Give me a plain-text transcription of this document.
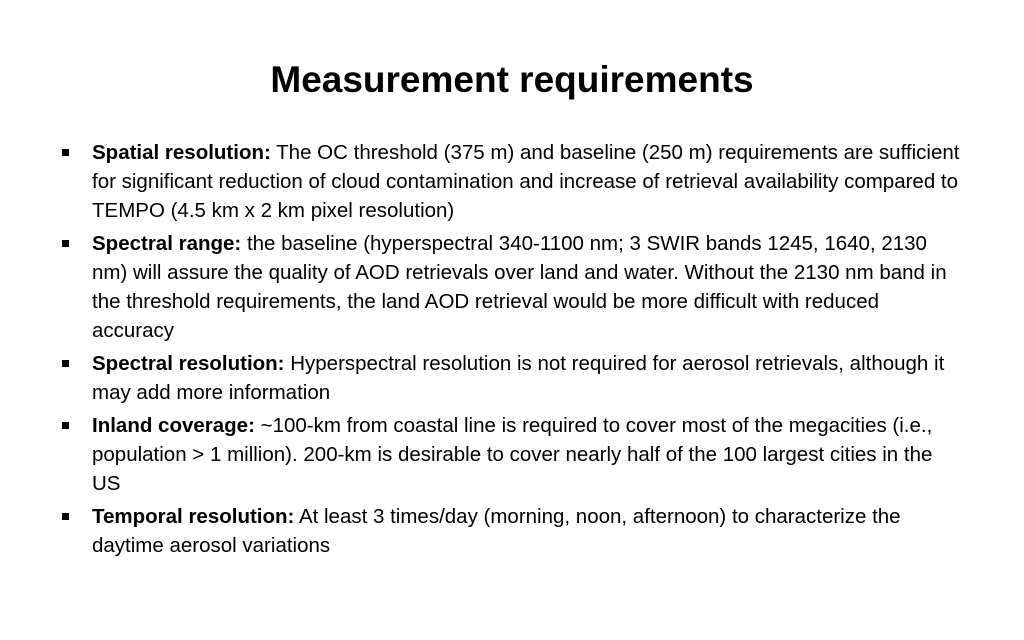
Measurement requirements
Spatial resolution: The OC threshold (375 m) and baseline (250 m) requirements are sufficient for significant reduction of cloud contamination and increase of retrieval availability compared to TEMPO (4.5 km x 2 km pixel resolution)
Spectral range: the baseline (hyperspectral 340-1100 nm; 3 SWIR bands 1245, 1640, 2130 nm) will assure the quality of AOD retrievals over land and water. Without the 2130 nm band in the threshold requirements, the land AOD retrieval would be more difficult with reduced accuracy
Spectral resolution: Hyperspectral resolution is not required for aerosol retrievals, although it may add more information
Inland coverage: ~100-km from coastal line is required to cover most of the megacities (i.e., population > 1 million). 200-km is desirable to cover nearly half of the 100 largest cities in the US
Temporal resolution: At least 3 times/day (morning, noon, afternoon) to characterize the daytime aerosol variations
